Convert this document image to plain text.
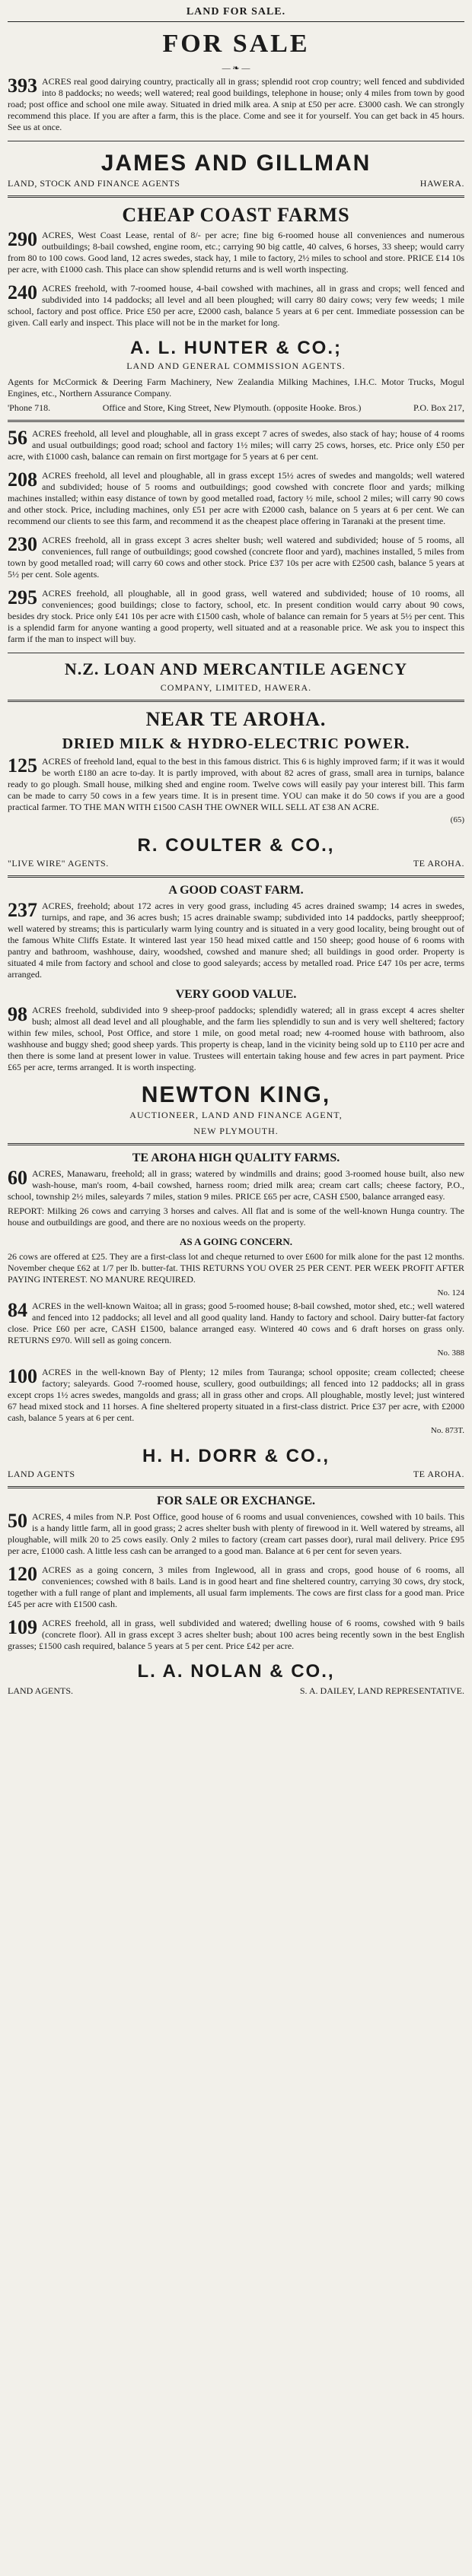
LAND FOR SALE.
FOR SALE
— ❧ —
393 ACRES real good dairying country, practically all in grass; splendid root crop country; well fenced and subdivided into 8 paddocks; no weeds; well watered; real good buildings, telephone in house; only 4 miles from town by good road; post office and school one mile away. Situated in dried milk area. A snip at £50 per acre. £3000 cash. We can strongly recommend this place. If you are after a farm, this is the place. Come and see it for yourself. You can get back in 45 hours. See us at once.
JAMES AND GILLMAN
LAND, STOCK AND FINANCE AGENTS	HAWERA.
CHEAP COAST FARMS
290 ACRES, West Coast Lease, rental of 8/- per acre; fine big 6-roomed house all conveniences and numerous outbuildings; 8-bail cowshed, engine room, etc.; carrying 90 big cattle, 40 calves, 6 horses, 33 sheep; would carry from 80 to 100 cows. Good land, 12 acres swedes, stack hay, 1 mile to factory, 2½ miles to school and store. PRICE £14 10s per acre, with £1000 cash. This place can show splendid returns and is well worth inspecting.
240 ACRES freehold, with 7-roomed house, 4-bail cowshed with machines, all in grass and crops; well fenced and subdivided into 14 paddocks; all level and all been ploughed; will carry 80 dairy cows; very few weeds; 1 mile school, factory and post office. Price £50 per acre, £2000 cash, balance 5 years at 6 per cent. Immediate possession can be given. Call early and inspect. This place will not be in the market for long.
A. L. HUNTER & CO.;
LAND AND GENERAL COMMISSION AGENTS.
Agents for McCormick & Deering Farm Machinery, New Zealandia Milking Machines, I.H.C. Motor Trucks, Mogul Engines, etc., Northern Assurance Company.
'Phone 718.	Office and Store, King Street, New Plymouth. (opposite Hooke. Bros.)	P.O. Box 217,
56 ACRES freehold, all level and ploughable, all in grass except 7 acres of swedes, also stack of hay; house of 4 rooms and usual outbuildings; good road; school and factory 1½ miles; will carry 25 cows, horses, etc. Price only £50 per acre, with £1000 cash, balance can remain on first mortgage for 5 years at 6 per cent.
208 ACRES freehold, all level and ploughable, all in grass except 15½ acres of swedes and mangolds; well watered and subdivided; house of 5 rooms and outbuildings; good cowshed with concrete floor and yards; milking machines installed; within easy distance of town by good metalled road, factory ½ mile, school 2 miles; will carry 90 cows and other stock. Price, including machines, only £51 per acre with £2000 cash, balance on 5 years at 6 per cent. We can recommend our clients to see this farm, and recommend it as the cheapest place offering in Taranaki at the present time.
230 ACRES freehold, all in grass except 3 acres shelter bush; well watered and subdivided; house of 5 rooms, all conveniences, full range of outbuildings; good cowshed (concrete floor and yard), machines installed, 5 miles from town by good metalled road; will carry 60 cows and other stock. Price £37 10s per acre with £2500 cash, balance 5 years at 5½ per cent. Sole agents.
295 ACRES freehold, all ploughable, all in good grass, well watered and subdivided; house of 10 rooms, all conveniences; good buildings; close to factory, school, etc. In present condition would carry about 90 cows, besides dry stock. Price only £41 10s per acre with £1500 cash, whole of balance can remain for 5 years at 5½ per cent. This is a splendid farm for anyone wanting a good property, well situated and at a reasonable price. We ask you to inspect this farm if the man to inspect will buy.
N.Z. LOAN AND MERCANTILE AGENCY
COMPANY, LIMITED, HAWERA.
NEAR TE AROHA.
DRIED MILK & HYDRO-ELECTRIC POWER.
125 ACRES of freehold land, equal to the best in this famous district. This 6 is highly improved farm; if it was it would be worth £180 an acre to-day. It is partly improved, with about 82 acres of grass, small area in turnips, balance ready to go plough. Small house, milking shed and engine room. Twelve cows will easily pay your interest bill. This farm can be made to carry 50 cows in a few years time. It is in present time. YOU can make it do 50 cows if you are a good practical farmer. TO THE MAN WITH £1500 CASH THE OWNER WILL SELL AT £38 AN ACRE.
(65)
R. COULTER & CO.,
"LIVE WIRE" AGENTS.	TE AROHA.
A GOOD COAST FARM.
237 ACRES, freehold; about 172 acres in very good grass, including 45 acres drained swamp; 14 acres in swedes, turnips, and rape, and 36 acres bush; 15 acres drainable swamp; subdivided into 14 paddocks, partly sheepproof; well watered by streams; this is particularly warm lying country and is situated in a very good locality, being brought out of the famous White Cliffs Estate. It wintered last year 150 head mixed cattle and 150 sheep; good house of 6 rooms with pantry and bathroom, washhouse, dairy, woodshed, cowshed and manure shed; all buildings in good order. Property is situated 4 mile from factory and school and close to good saleyards; access by metalled road. Price £47 10s per acre, terms arranged.
VERY GOOD VALUE.
98 ACRES freehold, subdivided into 9 sheep-proof paddocks; splendidly watered; all in grass except 4 acres shelter bush; almost all dead level and all ploughable, and the farm lies splendidly to sun and is very well sheltered; factory within few miles, school, Post Office, and store 1 mile, on good metal road; new 4-roomed house with bathroom, also washhouse and buggy shed; good sheep yards. This property is cheap, land in the vicinity being sold up to £110 per acre and then there is some land at present lower in value. Trustees will entertain taking house and few acres in part payment. Price £65 per acre, terms arranged. It is worth inspecting.
NEWTON KING,
AUCTIONEER, LAND AND FINANCE AGENT,
NEW PLYMOUTH.
TE AROHA HIGH QUALITY FARMS.
60 ACRES, Manawaru, freehold; all in grass; watered by windmills and drains; good 3-roomed house built, also new wash-house, man's room, 4-bail cowshed, harness room; dried milk area; cream cart calls; cheese factory, P.O., school, township 2½ miles, saleyards 7 miles, station 9 miles. PRICE £65 per acre, CASH £500, balance arranged easy.
REPORT: Milking 26 cows and carrying 3 horses and calves. All flat and is some of the well-known Hunga country. The house and outbuildings are good, and there are no noxious weeds on the property.
AS A GOING CONCERN.
26 cows are offered at £25. They are a first-class lot and cheque returned to over £600 for milk alone for the past 12 months. November cheque £62 at 1/7 per lb. butter-fat. THIS RETURNS YOU OVER 25 PER CENT. PER WEEK PROFIT AFTER PAYING INTEREST. NO MANURE REQUIRED.
No. 124
84 ACRES in the well-known Waitoa; all in grass; good 5-roomed house; 8-bail cowshed, motor shed, etc.; well watered and fenced into 12 paddocks; all level and all good quality land. Handy to factory and school. Dairy butter-fat factory close. Price £60 per acre, CASH £1500, balance arranged easy. Wintered 40 cows and 6 draft horses on grass only. RETURNS £970. Will sell as going concern.
No. 388
100 ACRES in the well-known Bay of Plenty; 12 miles from Tauranga; school opposite; cream collected; cheese factory; saleyards. Good 7-roomed house, scullery, good outbuildings; all fenced into 12 paddocks; all in grass except crops 1½ acres swedes, mangolds and grass; all in grass other and crops. All ploughable, mostly level; just wintered 67 head mixed stock and 11 horses. A fine sheltered property situated in a first-class district. Price £37 per acre, with £2000 cash, balance 5 years at 6 per cent.
No. 873T.
H. H. DORR & CO.,
LAND AGENTS	TE AROHA.
FOR SALE OR EXCHANGE.
50 ACRES, 4 miles from N.P. Post Office, good house of 6 rooms and usual conveniences, cowshed with 10 bails. This is a handy little farm, all in good grass; 2 acres shelter bush with plenty of firewood in it. Well watered by streams, all ploughable, will milk 20 to 25 cows easily. Only 2 miles to factory (cream cart passes door), rural mail delivery. Price £95 per acre, £1000 cash. A little less cash can be arranged to a good man. Balance at 6 per cent for seven years.
120 ACRES as a going concern, 3 miles from Inglewood, all in grass and crops, good house of 6 rooms, all conveniences; cowshed with 8 bails. Land is in good heart and fine sheltered country, carrying 30 cows, dry stock, together with a full range of plant and implements, all usual farm implements. The cows are first class for a good man. Price £45 per acre with £1500 cash.
109 ACRES freehold, all in grass, well subdivided and watered; dwelling house of 6 rooms, cowshed with 9 bails (concrete floor). All in grass except 3 acres shelter bush; about 100 acres being recently sown in the best English grasses; £1500 cash required, balance 5 years at 5 per cent. Price £42 per acre.
L. A. NOLAN & CO.,
LAND AGENTS.	S. A. DAILEY, LAND REPRESENTATIVE.
